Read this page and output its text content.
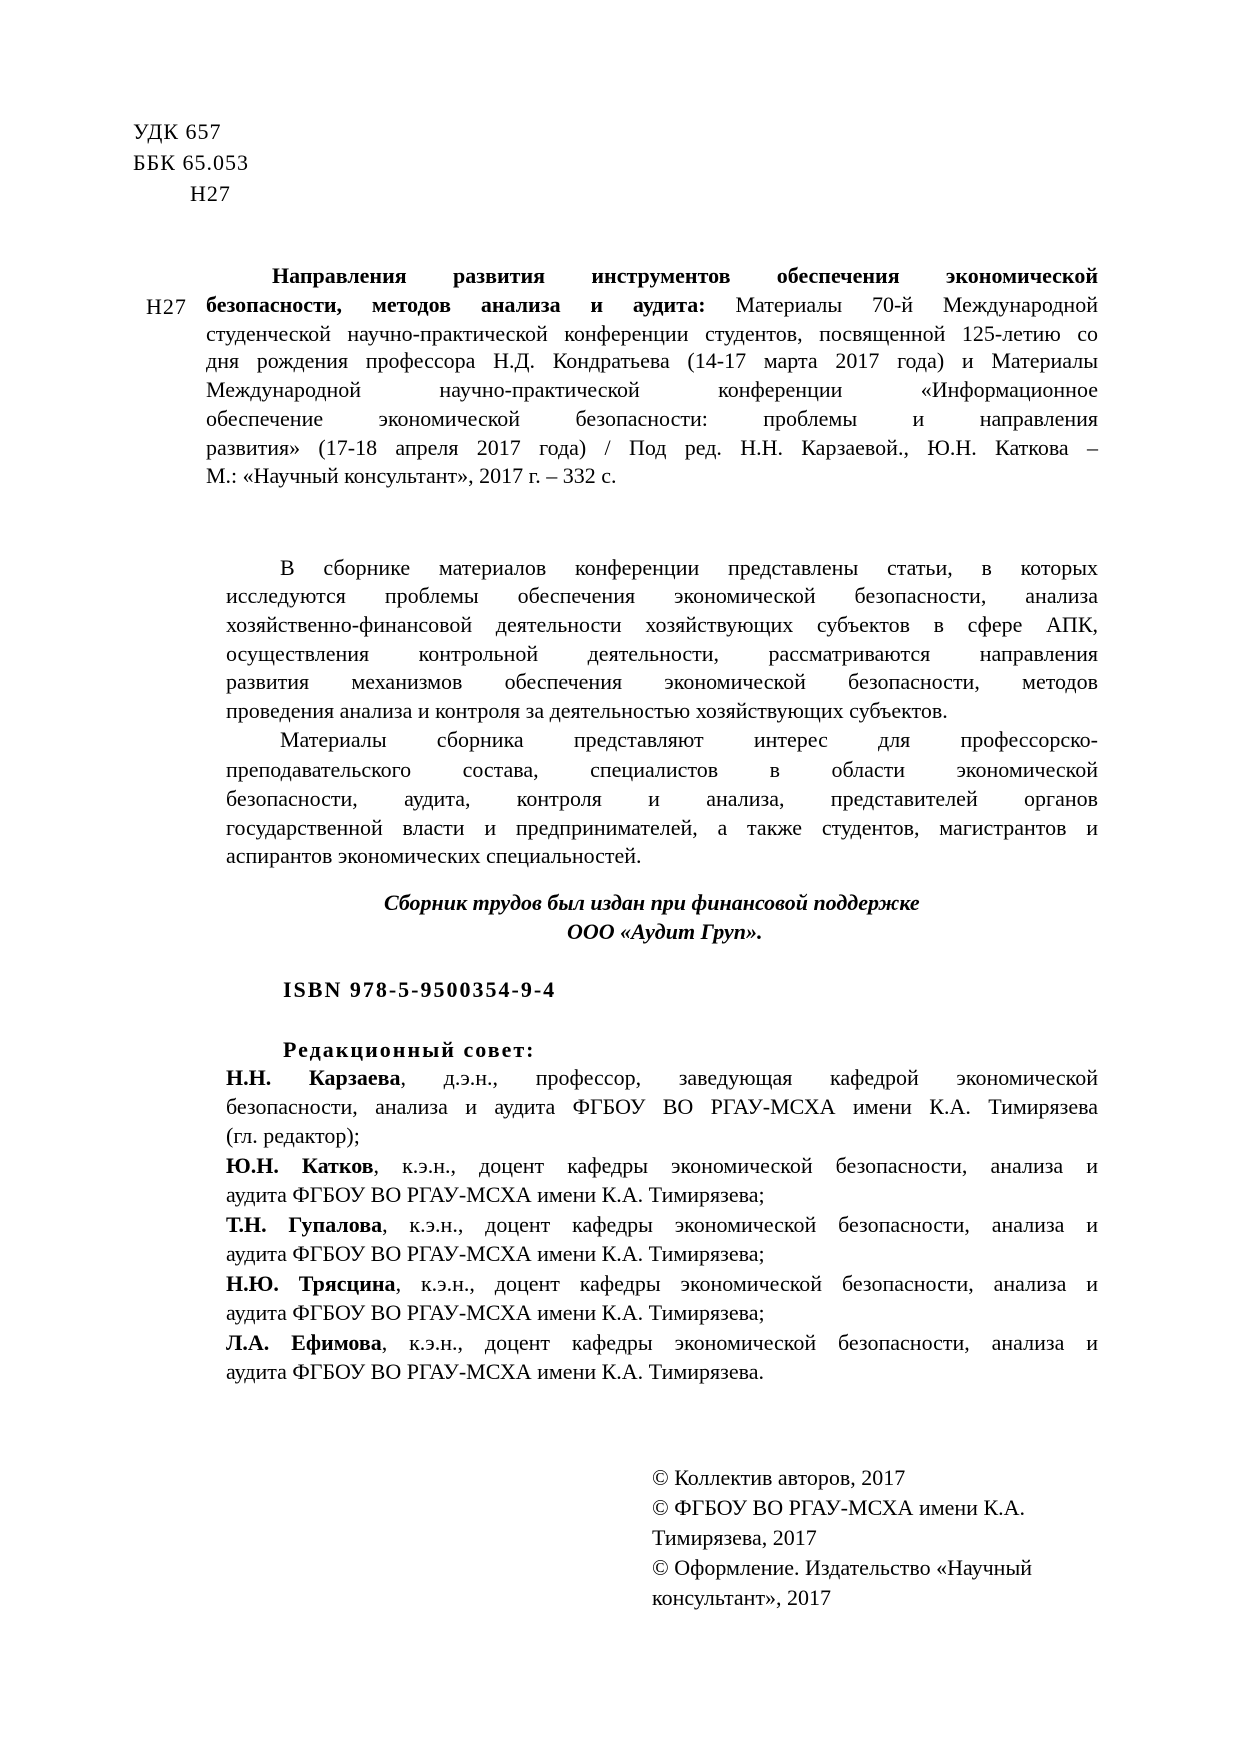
УДК 657
ББК 65.053
Н27
Н27
Направления развития инструментов обеспечения экономической
безопасности, методов анализа и аудита: Материалы 70-й Международной
студенческой научно-практической конференции студентов, посвященной 125-летию со
дня рождения профессора Н.Д. Кондратьева (14-17 марта 2017 года) и Материалы
Международной научно-практической конференции «Информационное
обеспечение экономической безопасности: проблемы и направления
развития» (17-18 апреля 2017 года) / Под ред. Н.Н. Карзаевой., Ю.Н. Каткова –
М.: «Научный консультант», 2017 г. – 332 с.
В сборнике материалов конференции представлены статьи, в которых
исследуются проблемы обеспечения экономической безопасности, анализа
хозяйственно-финансовой деятельности хозяйствующих субъектов в сфере АПК,
осуществления контрольной деятельности, рассматриваются направления
развития механизмов обеспечения экономической безопасности, методов
проведения анализа и контроля за деятельностью хозяйствующих субъектов.
Материалы сборника представляют интерес для профессорско-
преподавательского состава, специалистов в области экономической
безопасности, аудита, контроля и анализа, представителей органов
государственной власти и предпринимателей, а также студентов, магистрантов и
аспирантов экономических специальностей.
Сборник трудов был издан при финансовой поддержке
ООО «Аудит Груп».
ISBN 978-5-9500354-9-4
Редакционный совет:
Н.Н. Карзаева, д.э.н., профессор, заведующая кафедрой экономической
безопасности, анализа и аудита ФГБОУ ВО РГАУ-МСХА имени К.А. Тимирязева
(гл. редактор);
Ю.Н. Катков, к.э.н., доцент кафедры экономической безопасности, анализа и
аудита ФГБОУ ВО РГАУ-МСХА имени К.А. Тимирязева;
Т.Н. Гупалова, к.э.н., доцент кафедры экономической безопасности, анализа и
аудита ФГБОУ ВО РГАУ-МСХА имени К.А. Тимирязева;
Н.Ю. Трясцина, к.э.н., доцент кафедры экономической безопасности, анализа и
аудита ФГБОУ ВО РГАУ-МСХА имени К.А. Тимирязева;
Л.А. Ефимова, к.э.н., доцент кафедры экономической безопасности, анализа и
аудита ФГБОУ ВО РГАУ-МСХА имени К.А. Тимирязева.
© Коллектив авторов, 2017
© ФГБОУ ВО РГАУ-МСХА имени К.А.
Тимирязева, 2017
© Оформление. Издательство «Научный
консультант», 2017
